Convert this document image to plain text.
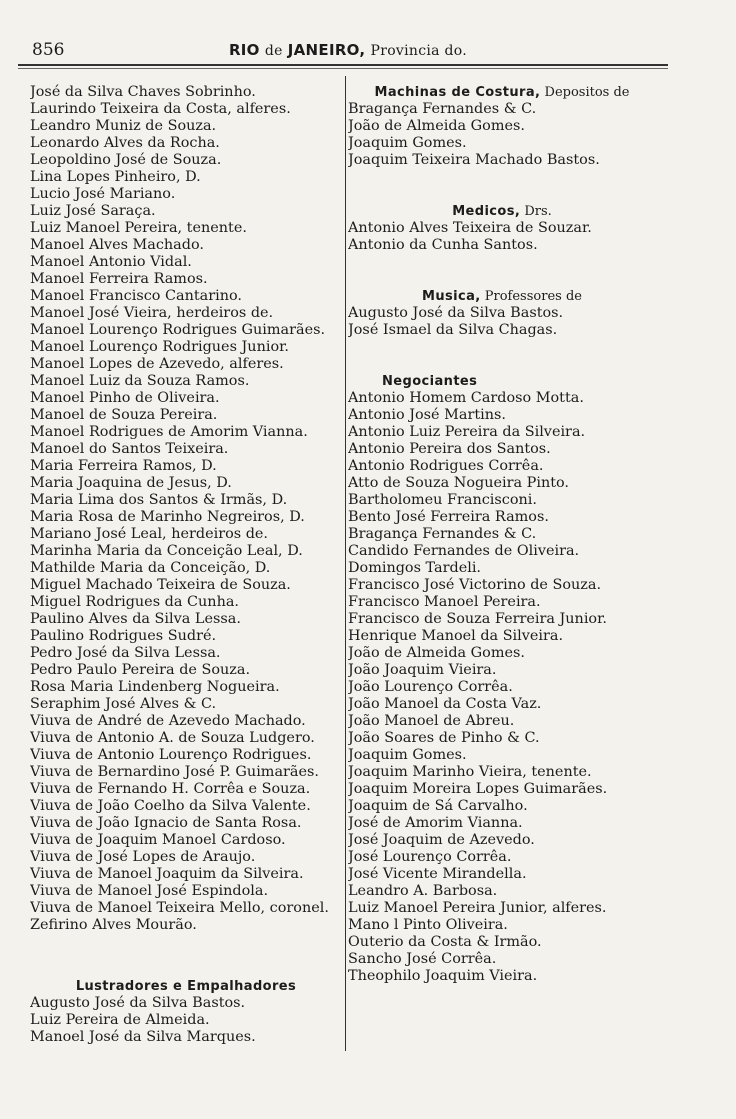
856	RIO de JANEIRO, Provincia do.
José da Silva Chaves Sobrinho.
Laurindo Teixeira da Costa, alferes.
Leandro Muniz de Souza.
Leonardo Alves da Rocha.
Leopoldino José de Souza.
Lina Lopes Pinheiro, D.
Lucio José Mariano.
Luiz José Saraça.
Luiz Manoel Pereira, tenente.
Manoel Alves Machado.
Manoel Antonio Vidal.
Manoel Ferreira Ramos.
Manoel Francisco Cantarino.
Manoel José Vieira, herdeiros de.
Manoel Lourenço Rodrigues Guimarães.
Manoel Lourenço Rodrigues Junior.
Manoel Lopes de Azevedo, alferes.
Manoel Luiz da Souza Ramos.
Manoel Pinho de Oliveira.
Manoel de Souza Pereira.
Manoel Rodrigues de Amorim Vianna.
Manoel do Santos Teixeira.
Maria Ferreira Ramos, D.
Maria Joaquina de Jesus, D.
Maria Lima dos Santos & Irmãs, D.
Maria Rosa de Marinho Negreiros, D.
Mariano José Leal, herdeiros de.
Marinha Maria da Conceição Leal, D.
Mathilde Maria da Conceição, D.
Miguel Machado Teixeira de Souza.
Miguel Rodrigues da Cunha.
Paulino Alves da Silva Lessa.
Paulino Rodrigues Sudré.
Pedro José da Silva Lessa.
Pedro Paulo Pereira de Souza.
Rosa Maria Lindenberg Nogueira.
Seraphim José Alves & C.
Viuva de André de Azevedo Machado.
Viuva de Antonio A. de Souza Ludgero.
Viuva de Antonio Lourenço Rodrigues.
Viuva de Bernardino José P. Guimarães.
Viuva de Fernando H. Corrêa e Souza.
Viuva de João Coelho da Silva Valente.
Viuva de João Ignacio de Santa Rosa.
Viuva de Joaquim Manoel Cardoso.
Viuva de José Lopes de Araujo.
Viuva de Manoel Joaquim da Silveira.
Viuva de Manoel José Espindola.
Viuva de Manoel Teixeira Mello, coronel.
Zefirino Alves Mourão.
Lustradores e Empalhadores
Augusto José da Silva Bastos.
Luiz Pereira de Almeida.
Manoel José da Silva Marques.
Machinas de Costura, Depositos de
Bragança Fernandes & C.
João de Almeida Gomes.
Joaquim Gomes.
Joaquim Teixeira Machado Bastos.
Medicos, Drs.
Antonio Alves Teixeira de Souzar.
Antonio da Cunha Santos.
Musica, Professores de
Augusto José da Silva Bastos.
José Ismael da Silva Chagas.
Negociantes
Antonio Homem Cardoso Motta.
Antonio José Martins.
Antonio Luiz Pereira da Silveira.
Antonio Pereira dos Santos.
Antonio Rodrigues Corrêa.
Atto de Souza Nogueira Pinto.
Bartholomeu Francisconi.
Bento José Ferreira Ramos.
Bragança Fernandes & C.
Candido Fernandes de Oliveira.
Domingos Tardeli.
Francisco José Victorino de Souza.
Francisco Manoel Pereira.
Francisco de Souza Ferreira Junior.
Henrique Manoel da Silveira.
João de Almeida Gomes.
João Joaquim Vieira.
João Lourenço Corrêa.
João Manoel da Costa Vaz.
João Manoel de Abreu.
João Soares de Pinho & C.
Joaquim Gomes.
Joaquim Marinho Vieira, tenente.
Joaquim Moreira Lopes Guimarães.
Joaquim de Sá Carvalho.
José de Amorim Vianna.
José Joaquim de Azevedo.
José Lourenço Corrêa.
José Vicente Mirandella.
Leandro A. Barbosa.
Luiz Manoel Pereira Junior, alferes.
Mano l Pinto Oliveira.
Outerio da Costa & Irmão.
Sancho José Corrêa.
Theophilo Joaquim Vieira.
